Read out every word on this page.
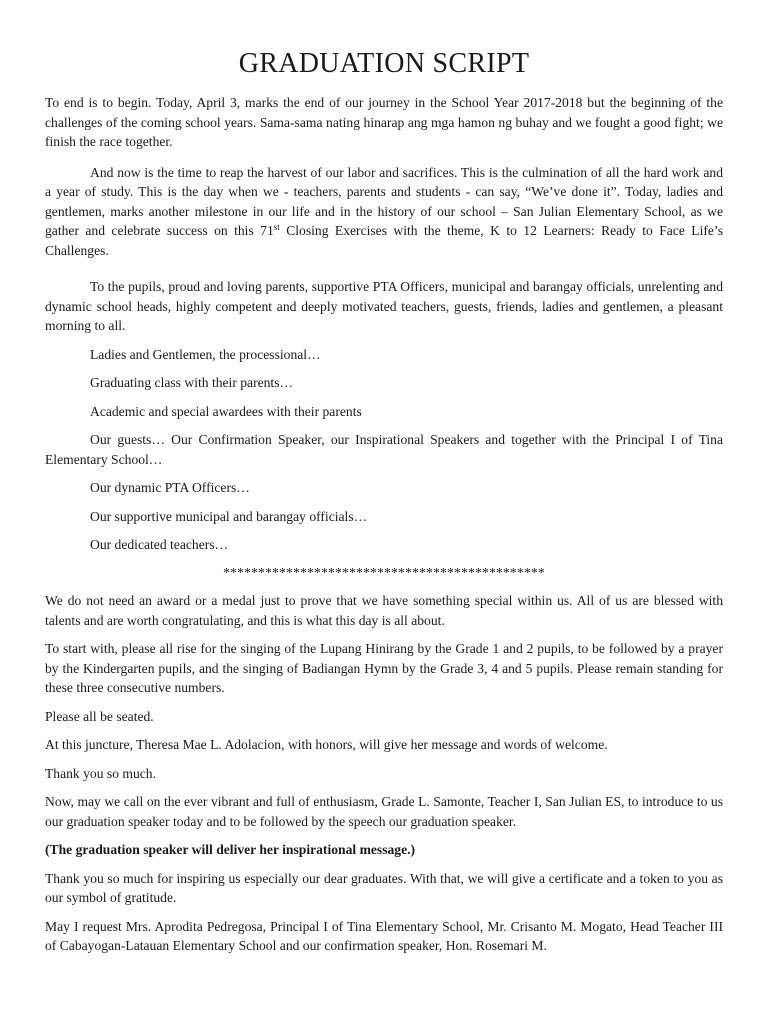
GRADUATION SCRIPT

To end is to begin. Today, April 3, marks the end of our journey in the School Year 2017-2018 but the beginning of the challenges of the coming school years. Sama-sama nating hinarap ang mga hamon ng buhay and we fought a good fight; we finish the race together.

And now is the time to reap the harvest of our labor and sacrifices. This is the culmination of all the hard work and a year of study. This is the day when we - teachers, parents and students - can say, “We’ve done it”. Today, ladies and gentlemen, marks another milestone in our life and in the history of our school – San Julian Elementary School, as we gather and celebrate success on this 71st Closing Exercises with the theme, K to 12 Learners: Ready to Face Life’s Challenges.

To the pupils, proud and loving parents, supportive PTA Officers, municipal and barangay officials, unrelenting and dynamic school heads, highly competent and deeply motivated teachers, guests, friends, ladies and gentlemen, a pleasant morning to all.

Ladies and Gentlemen, the processional…

Graduating class with their parents…

Academic and special awardees with their parents

Our guests… Our Confirmation Speaker, our Inspirational Speakers and together with the Principal I of Tina Elementary School…

Our dynamic PTA Officers…

Our supportive municipal and barangay officials…

Our dedicated teachers…

**********************************************

We do not need an award or a medal just to prove that we have something special within us. All of us are blessed with talents and are worth congratulating, and this is what this day is all about.

To start with, please all rise for the singing of the Lupang Hinirang by the Grade 1 and 2 pupils, to be followed by a prayer by the Kindergarten pupils, and the singing of Badiangan Hymn by the Grade 3, 4 and 5 pupils. Please remain standing for these three consecutive numbers.

Please all be seated.

At this juncture, Theresa Mae L. Adolacion, with honors, will give her message and words of welcome.

Thank you so much.

Now, may we call on the ever vibrant and full of enthusiasm, Grade L. Samonte, Teacher I, San Julian ES, to introduce to us our graduation speaker today and to be followed by the speech our graduation speaker.

(The graduation speaker will deliver her inspirational message.)

Thank you so much for inspiring us especially our dear graduates. With that, we will give a certificate and a token to you as our symbol of gratitude.

May I request Mrs. Aprodita Pedregosa, Principal I of Tina Elementary School, Mr. Crisanto M. Mogato, Head Teacher III of Cabayogan-Latauan Elementary School and our confirmation speaker, Hon. Rosemari M.
